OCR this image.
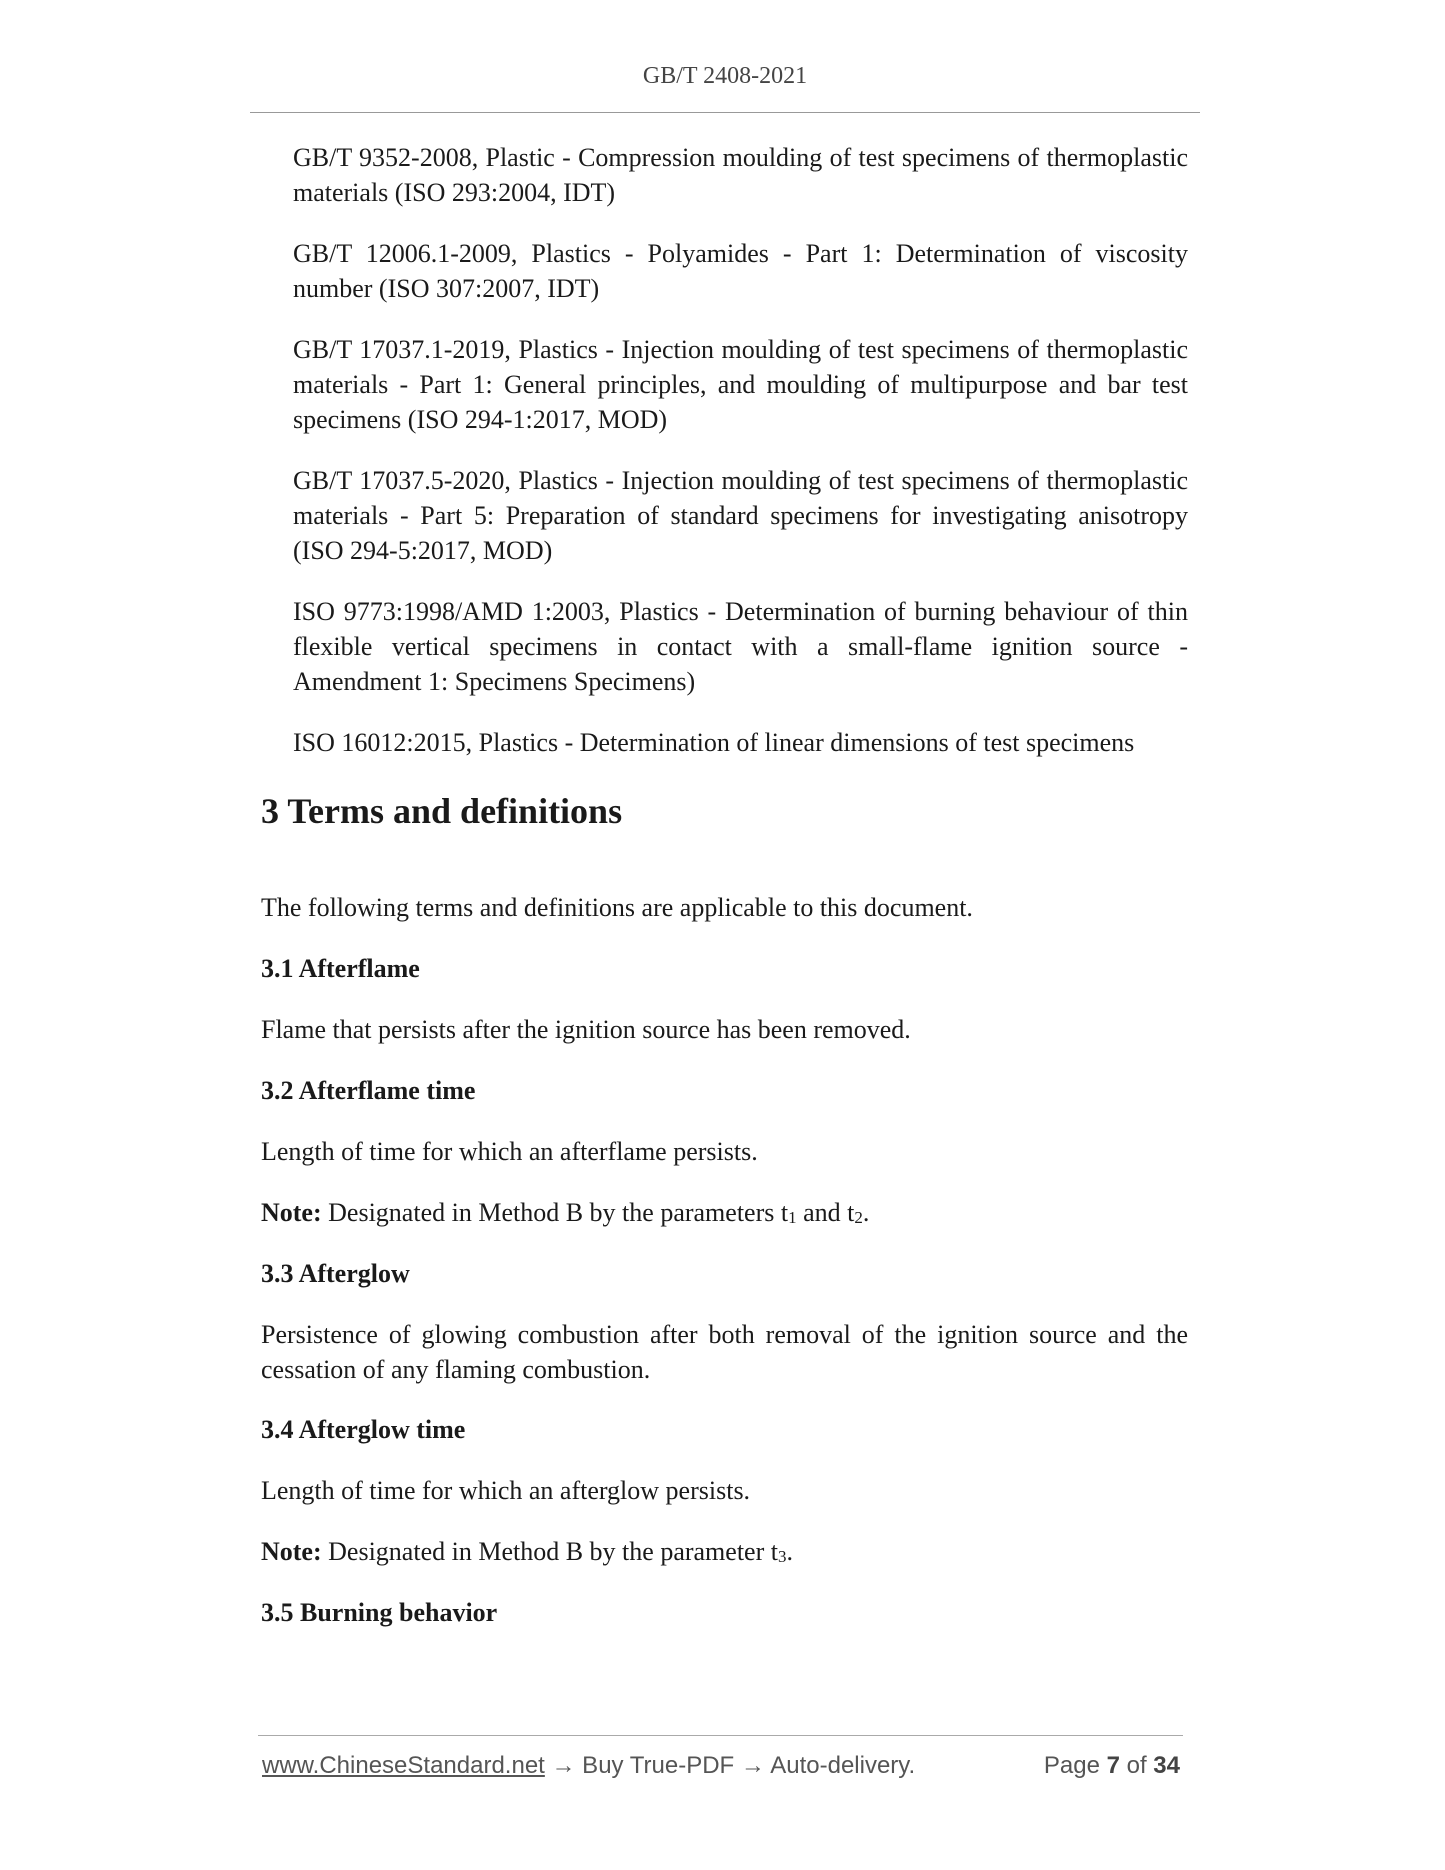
GB/T 2408-2021

GB/T 9352-2008, Plastic - Compression moulding of test specimens of thermoplastic materials (ISO 293:2004, IDT)

GB/T 12006.1-2009, Plastics - Polyamides - Part 1: Determination of viscosity number (ISO 307:2007, IDT)

GB/T 17037.1-2019, Plastics - Injection moulding of test specimens of thermoplastic materials - Part 1: General principles, and moulding of multipurpose and bar test specimens (ISO 294-1:2017, MOD)

GB/T 17037.5-2020, Plastics - Injection moulding of test specimens of thermoplastic materials - Part 5: Preparation of standard specimens for investigating anisotropy (ISO 294-5:2017, MOD)

ISO 9773:1998/AMD 1:2003, Plastics - Determination of burning behaviour of thin flexible vertical specimens in contact with a small-flame ignition source - Amendment 1: Specimens Specimens)

ISO 16012:2015, Plastics - Determination of linear dimensions of test specimens

3 Terms and definitions

The following terms and definitions are applicable to this document.

3.1 Afterflame

Flame that persists after the ignition source has been removed.

3.2 Afterflame time

Length of time for which an afterflame persists.

Note: Designated in Method B by the parameters $t_1$ and $t_2$.

3.3 Afterglow

Persistence of glowing combustion after both removal of the ignition source and the cessation of any flaming combustion.

3.4 Afterglow time

Length of time for which an afterglow persists.

Note: Designated in Method B by the parameter $t_3$.

3.5 Burning behavior

www.ChineseStandard.net → Buy True-PDF → Auto-delivery.	Page 7 of 34
